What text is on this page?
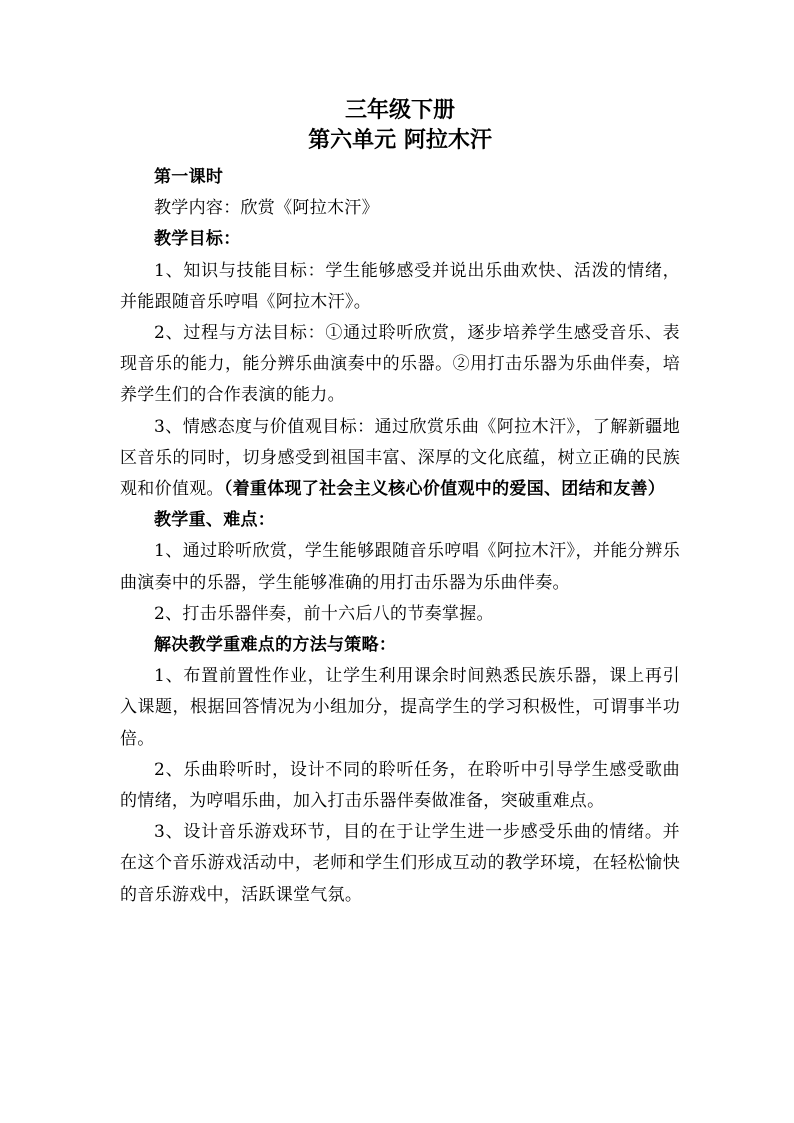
三年级下册
第六单元 阿拉木汗

第一课时

教学内容：欣赏《阿拉木汗》

教学目标：

1、知识与技能目标：学生能够感受并说出乐曲欢快、活泼的情绪，并能跟随音乐哼唱《阿拉木汗》。

2、过程与方法目标：①通过聆听欣赏，逐步培养学生感受音乐、表现音乐的能力，能分辨乐曲演奏中的乐器。②用打击乐器为乐曲伴奏，培养学生们的合作表演的能力。

3、情感态度与价值观目标：通过欣赏乐曲《阿拉木汗》，了解新疆地区音乐的同时，切身感受到祖国丰富、深厚的文化底蕴，树立正确的民族观和价值观。（着重体现了社会主义核心价值观中的爱国、团结和友善）

教学重、难点：

1、通过聆听欣赏，学生能够跟随音乐哼唱《阿拉木汗》，并能分辨乐曲演奏中的乐器，学生能够准确的用打击乐器为乐曲伴奏。

2、打击乐器伴奏，前十六后八的节奏掌握。

解决教学重难点的方法与策略：

1、布置前置性作业，让学生利用课余时间熟悉民族乐器，课上再引入课题，根据回答情况为小组加分，提高学生的学习积极性，可谓事半功倍。

2、乐曲聆听时，设计不同的聆听任务，在聆听中引导学生感受歌曲的情绪，为哼唱乐曲，加入打击乐器伴奏做准备，突破重难点。

3、设计音乐游戏环节，目的在于让学生进一步感受乐曲的情绪。并在这个音乐游戏活动中，老师和学生们形成互动的教学环境，在轻松愉快的音乐游戏中，活跃课堂气氛。
